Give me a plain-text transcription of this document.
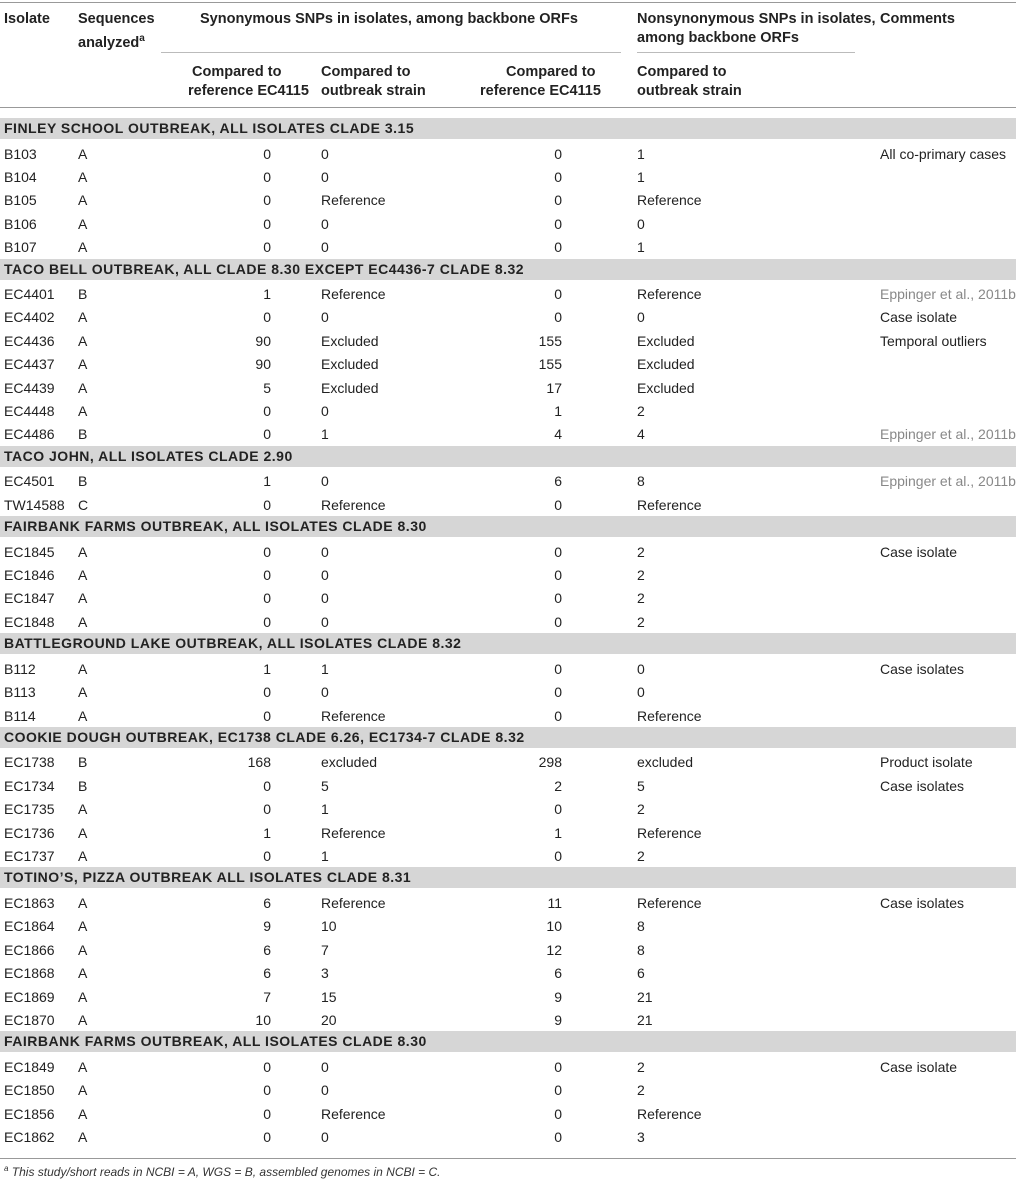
Isolate Sequences
analyzed$^a$
Synonymous SNPs in isolates, among backbone ORFs	Nonsynonymous SNPs in isolates,
among backbone ORFs
Comments
Compared to
reference EC4115
Compared to
outbreak strain
Compared to
reference EC4115
Compared to
outbreak strain
FINLEY SCHOOL OUTBREAK, ALL ISOLATES CLADE 3.15
B103	A	0	0	0	1	All co-primary cases
B104	A	0	0	0	1
B105	A	0	Reference	0	Reference
B106	A	0	0	0	0
B107	A	0	0	0	1
TACO BELL OUTBREAK, ALL CLADE 8.30 EXCEPT EC4436-7 CLADE 8.32
EC4401 B	1	Reference	0	Reference	Eppinger et al., 2011b
EC4402 A	0	0	0	0	Case isolate
EC4436 A	90	Excluded	155	Excluded	Temporal outliers
EC4437 A	90	Excluded	155	Excluded
EC4439 A	5	Excluded	17	Excluded
EC4448 A	0	0	1	2
EC4486 B	0	1	4	4	Eppinger et al., 2011b
TACO JOHN, ALL ISOLATES CLADE 2.90
EC4501 B	1	0	6	8	Eppinger et al., 2011b
TW14588 C	0	Reference	0	Reference
FAIRBANK FARMS OUTBREAK, ALL ISOLATES CLADE 8.30
EC1845 A	0	0	0	2	Case isolate
EC1846 A	0	0	0	2
EC1847 A	0	0	0	2
EC1848 A	0	0	0	2
BATTLEGROUND LAKE OUTBREAK, ALL ISOLATES CLADE 8.32
B112	A	1	1	0	0	Case isolates
B113	A	0	0	0	0
B114	A	0	Reference	0	Reference
COOKIE DOUGH OUTBREAK, EC1738 CLADE 6.26, EC1734-7 CLADE 8.32
EC1738 B	168	excluded	298	excluded	Product isolate
EC1734 B	0	5	2	5	Case isolates
EC1735 A	0	1	0	2
EC1736 A	1	Reference	1	Reference
EC1737 A	0	1	0	2
TOTINO’S, PIZZA OUTBREAK ALL ISOLATES CLADE 8.31
EC1863 A	6	Reference	11	Reference	Case isolates
EC1864 A	9	10	10	8
EC1866 A	6	7	12	8
EC1868 A	6	3	6	6
EC1869 A	7	15	9	21
EC1870 A	10	20	9	21
FAIRBANK FARMS OUTBREAK, ALL ISOLATES CLADE 8.30
EC1849 A	0	0	0	2	Case isolate
EC1850 A	0	0	0	2
EC1856 A	0	Reference	0	Reference
EC1862 A	0	0	0	3
$^a$ This study/short reads in NCBI = A, WGS = B, assembled genomes in NCBI = C.
